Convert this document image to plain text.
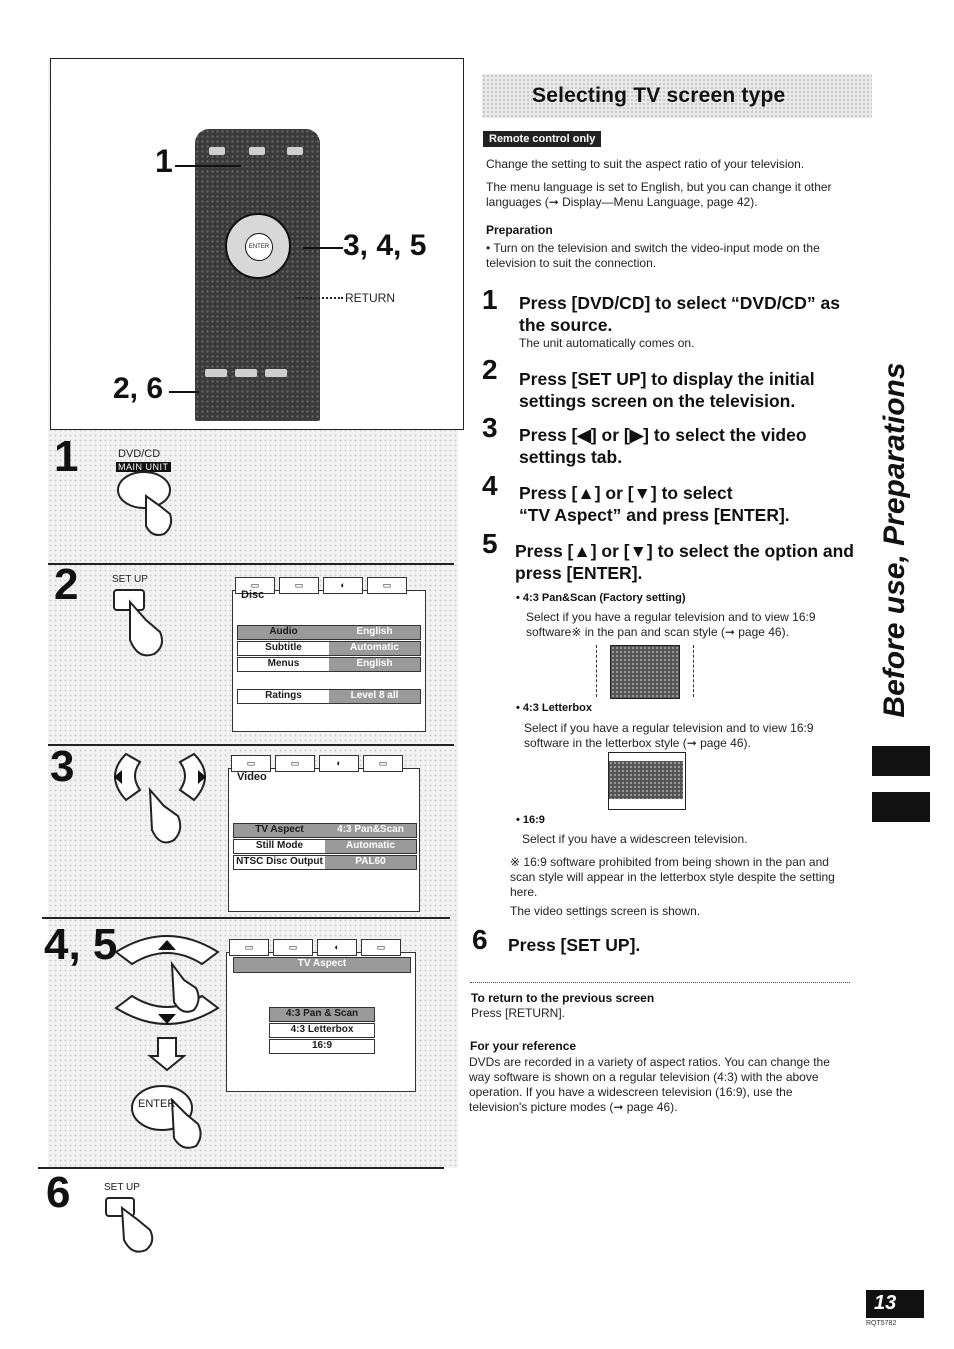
ENTER
1
3, 4, 5
RETURN
2, 6
1	DVD/CD
MAIN UNIT
2	SET UP	▭	▭	◐	▭
Disc
Audio	English
Subtitle	Automatic
Menus	English
Ratings	Level 8 all
3	▭	▭	◐	▭
Video
TV Aspect	4:3 Pan&Scan
Still Mode	Automatic
NTSC Disc Output	PAL60
4, 5
ENTER
▭	▭	◐	▭
TV Aspect
4:3 Pan & Scan
4:3 Letterbox
16:9
6	SET UP
Selecting TV screen type
Remote control only
Change the setting to suit the aspect ratio of your television.
The menu language is set to English, but you can change it other languages (➞ Display—Menu Language, page 42).
Preparation
• Turn on the television and switch the video-input mode on the television to suit the connection.
1 Press [DVD/CD] to select “DVD/CD” as the source.
The unit automatically comes on.
2 Press [SET UP] to display the initial settings screen on the television.
3 Press [◀] or [▶] to select the video settings tab.
4 Press [▲] or [▼] to select
“TV Aspect” and press [ENTER].
5 Press [▲] or [▼] to select the option and press [ENTER].
• 4:3 Pan&Scan (Factory setting)
Select if you have a regular television and to view 16:9 software※ in the pan and scan style (➞ page 46).
• 4:3 Letterbox
Select if you have a regular television and to view 16:9 software in the letterbox style (➞ page 46).
• 16:9
Select if you have a widescreen television.
※ 16:9 software prohibited from being shown in the pan and scan style will appear in the letterbox style despite the setting here.
The video settings screen is shown.
6 Press [SET UP].
To return to the previous screen
Press [RETURN].
For your reference
DVDs are recorded in a variety of aspect ratios. You can change the way software is shown on a regular television (4:3) with the above operation. If you have a widescreen television (16:9), use the television's picture modes (➞ page 46).
Before use, Preparations
13
RQT5782
